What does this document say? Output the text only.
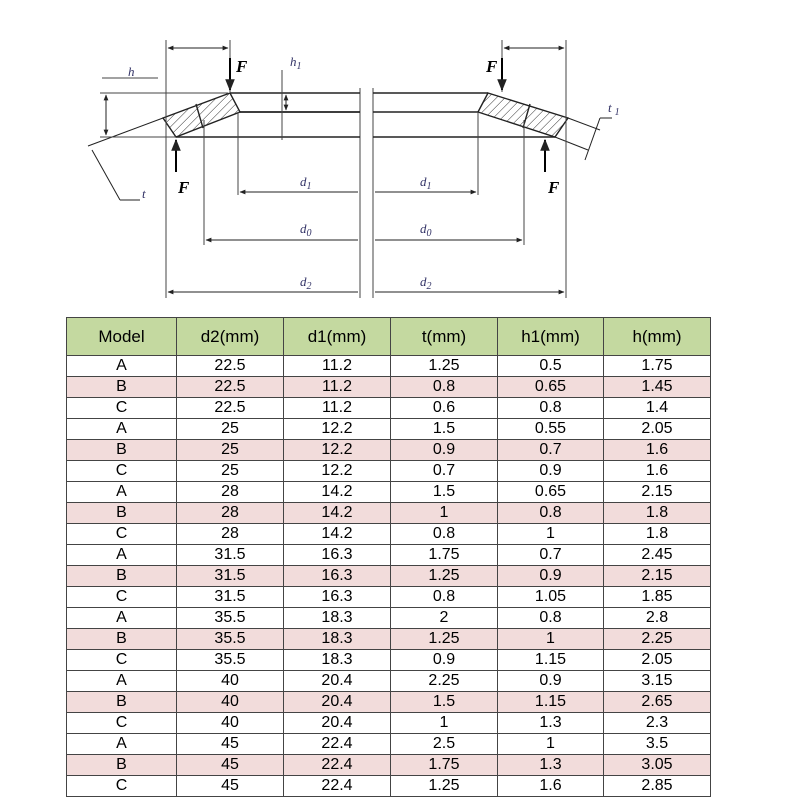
F	F
F	F
h
t
$h_1$
t $_1$
$d_1$	$d_1$
$d_0$	$d_0$
$d_2$	$d_2$
Model	d2(mm)	d1(mm)	t(mm)	h1(mm)	h(mm)
A	22.5	11.2	1.25	0.5	1.75
B	22.5	11.2	0.8	0.65	1.45
C	22.5	11.2	0.6	0.8	1.4
A	25	12.2	1.5	0.55	2.05
B	25	12.2	0.9	0.7	1.6
C	25	12.2	0.7	0.9	1.6
A	28	14.2	1.5	0.65	2.15
B	28	14.2	1	0.8	1.8
C	28	14.2	0.8	1	1.8
A	31.5	16.3	1.75	0.7	2.45
B	31.5	16.3	1.25	0.9	2.15
C	31.5	16.3	0.8	1.05	1.85
A	35.5	18.3	2	0.8	2.8
B	35.5	18.3	1.25	1	2.25
C	35.5	18.3	0.9	1.15	2.05
A	40	20.4	2.25	0.9	3.15
B	40	20.4	1.5	1.15	2.65
C	40	20.4	1	1.3	2.3
A	45	22.4	2.5	1	3.5
B	45	22.4	1.75	1.3	3.05
C	45	22.4	1.25	1.6	2.85
